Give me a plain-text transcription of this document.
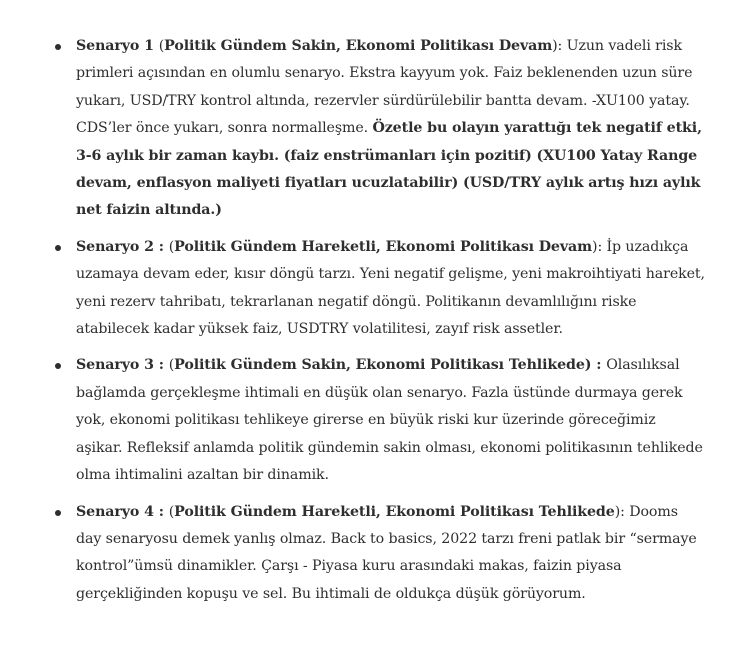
Senaryo 1 (Politik Gündem Sakin, Ekonomi Politikası Devam): Uzun vadeli risk primleri açısından en olumlu senaryo. Ekstra kayyum yok. Faiz beklenenden uzun süre yukarı, USD/TRY kontrol altında, rezervler sürdürülebilir bantta devam. -XU100 yatay. CDS’ler önce yukarı, sonra normalleşme. Özetle bu olayın yarattığı tek negatif etki, 3-6 aylık bir zaman kaybı. (faiz enstrümanları için pozitif) (XU100 Yatay Range devam, enflasyon maliyeti fiyatları ucuzlatabilir) (USD/TRY aylık artış hızı aylık net faizin altında.)
Senaryo 2 : (Politik Gündem Hareketli, Ekonomi Politikası Devam): İp uzadıkça uzamaya devam eder, kısır döngü tarzı. Yeni negatif gelişme, yeni makroihtiyati hareket, yeni rezerv tahribatı, tekrarlanan negatif döngü. Politikanın devamlılığını riske atabilecek kadar yüksek faiz, USDTRY volatilitesi, zayıf risk assetler.
Senaryo 3 : (Politik Gündem Sakin, Ekonomi Politikası Tehlikede) : Olasılıksal bağlamda gerçekleşme ihtimali en düşük olan senaryo. Fazla üstünde durmaya gerek yok, ekonomi politikası tehlikeye girerse en büyük riski kur üzerinde göreceğimiz aşikar. Refleksif anlamda politik gündemin sakin olması, ekonomi politikasının tehlikede olma ihtimalini azaltan bir dinamik.
Senaryo 4 : (Politik Gündem Hareketli, Ekonomi Politikası Tehlikede): Dooms day senaryosu demek yanlış olmaz. Back to basics, 2022 tarzı freni patlak bir “sermaye kontrol”ümsü dinamikler. Çarşı - Piyasa kuru arasındaki makas, faizin piyasa gerçekliğinden kopuşu ve sel. Bu ihtimali de oldukça düşük görüyorum.
